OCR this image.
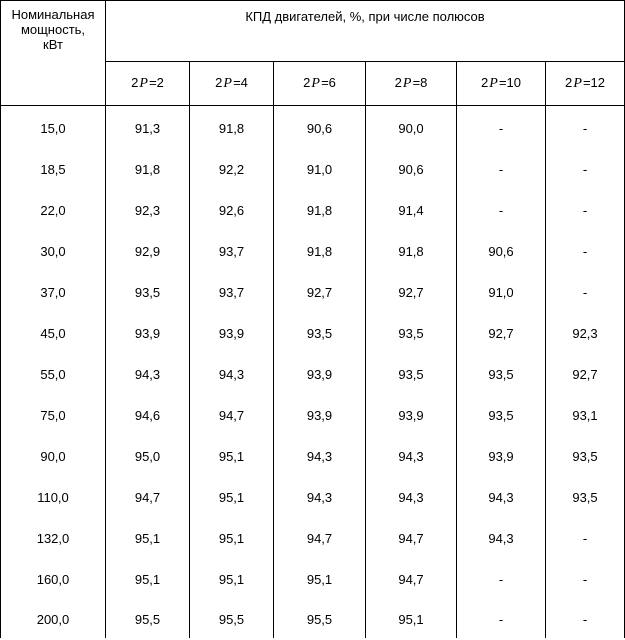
Номинальная
мощность,
кВт	КПД двигателей, %, при числе полюсов					
	2 P =2	2 P =4	2 P =6	2 P =8	2 P =10	2 P =12
15,0	91,3	91,8	90,6	90,0	-	-
18,5	91,8	92,2	91,0	90,6	-	-
22,0	92,3	92,6	91,8	91,4	-	-
30,0	92,9	93,7	91,8	91,8	90,6	-
37,0	93,5	93,7	92,7	92,7	91,0	-
45,0	93,9	93,9	93,5	93,5	92,7	92,3
55,0	94,3	94,3	93,9	93,5	93,5	92,7
75,0	94,6	94,7	93,9	93,9	93,5	93,1
90,0	95,0	95,1	94,3	94,3	93,9	93,5
110,0	94,7	95,1	94,3	94,3	94,3	93,5
132,0	95,1	95,1	94,7	94,7	94,3	-
160,0	95,1	95,1	95,1	94,7	-	-
200,0	95,5	95,5	95,5	95,1	-	-
